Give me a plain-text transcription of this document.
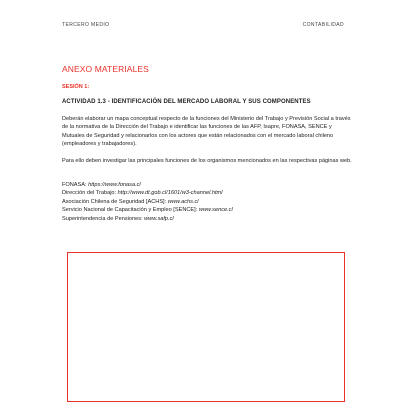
TERCERO MEDIO	CONTABILIDAD
ANEXO MATERIALES
SESIÓN 1:
ACTIVIDAD 1.3 - IDENTIFICACIÓN DEL MERCADO LABORAL Y SUS COMPONENTES

Deberán elaborar un mapa conceptual respecto de la funciones del Ministerio del Trabajo y Previsión Social a través de la normativa de la Dirección del Trabajo e identificar las funciones de las AFP, Isapre, FONASA, SENCE y Mutuales de Seguridad y relacionarlos con los actores que están relacionados con el mercado laboral chileno (empleadores y trabajadores).

Para ello deben investigar las principales funciones de los organismos mencionados en las respectivas páginas web.

FONASA: https://www.fonasa.cl
Dirección del Trabajo: http://www.dt.gob.cl/1601/w3-channel.html
Asociación Chilena de Seguridad [ACHS]: www.achs.cl
Servicio Nacional de Capacitación y Empleo [SENCE]: www.sence.cl
Superintendencia de Pensiones: www.safp.cl
